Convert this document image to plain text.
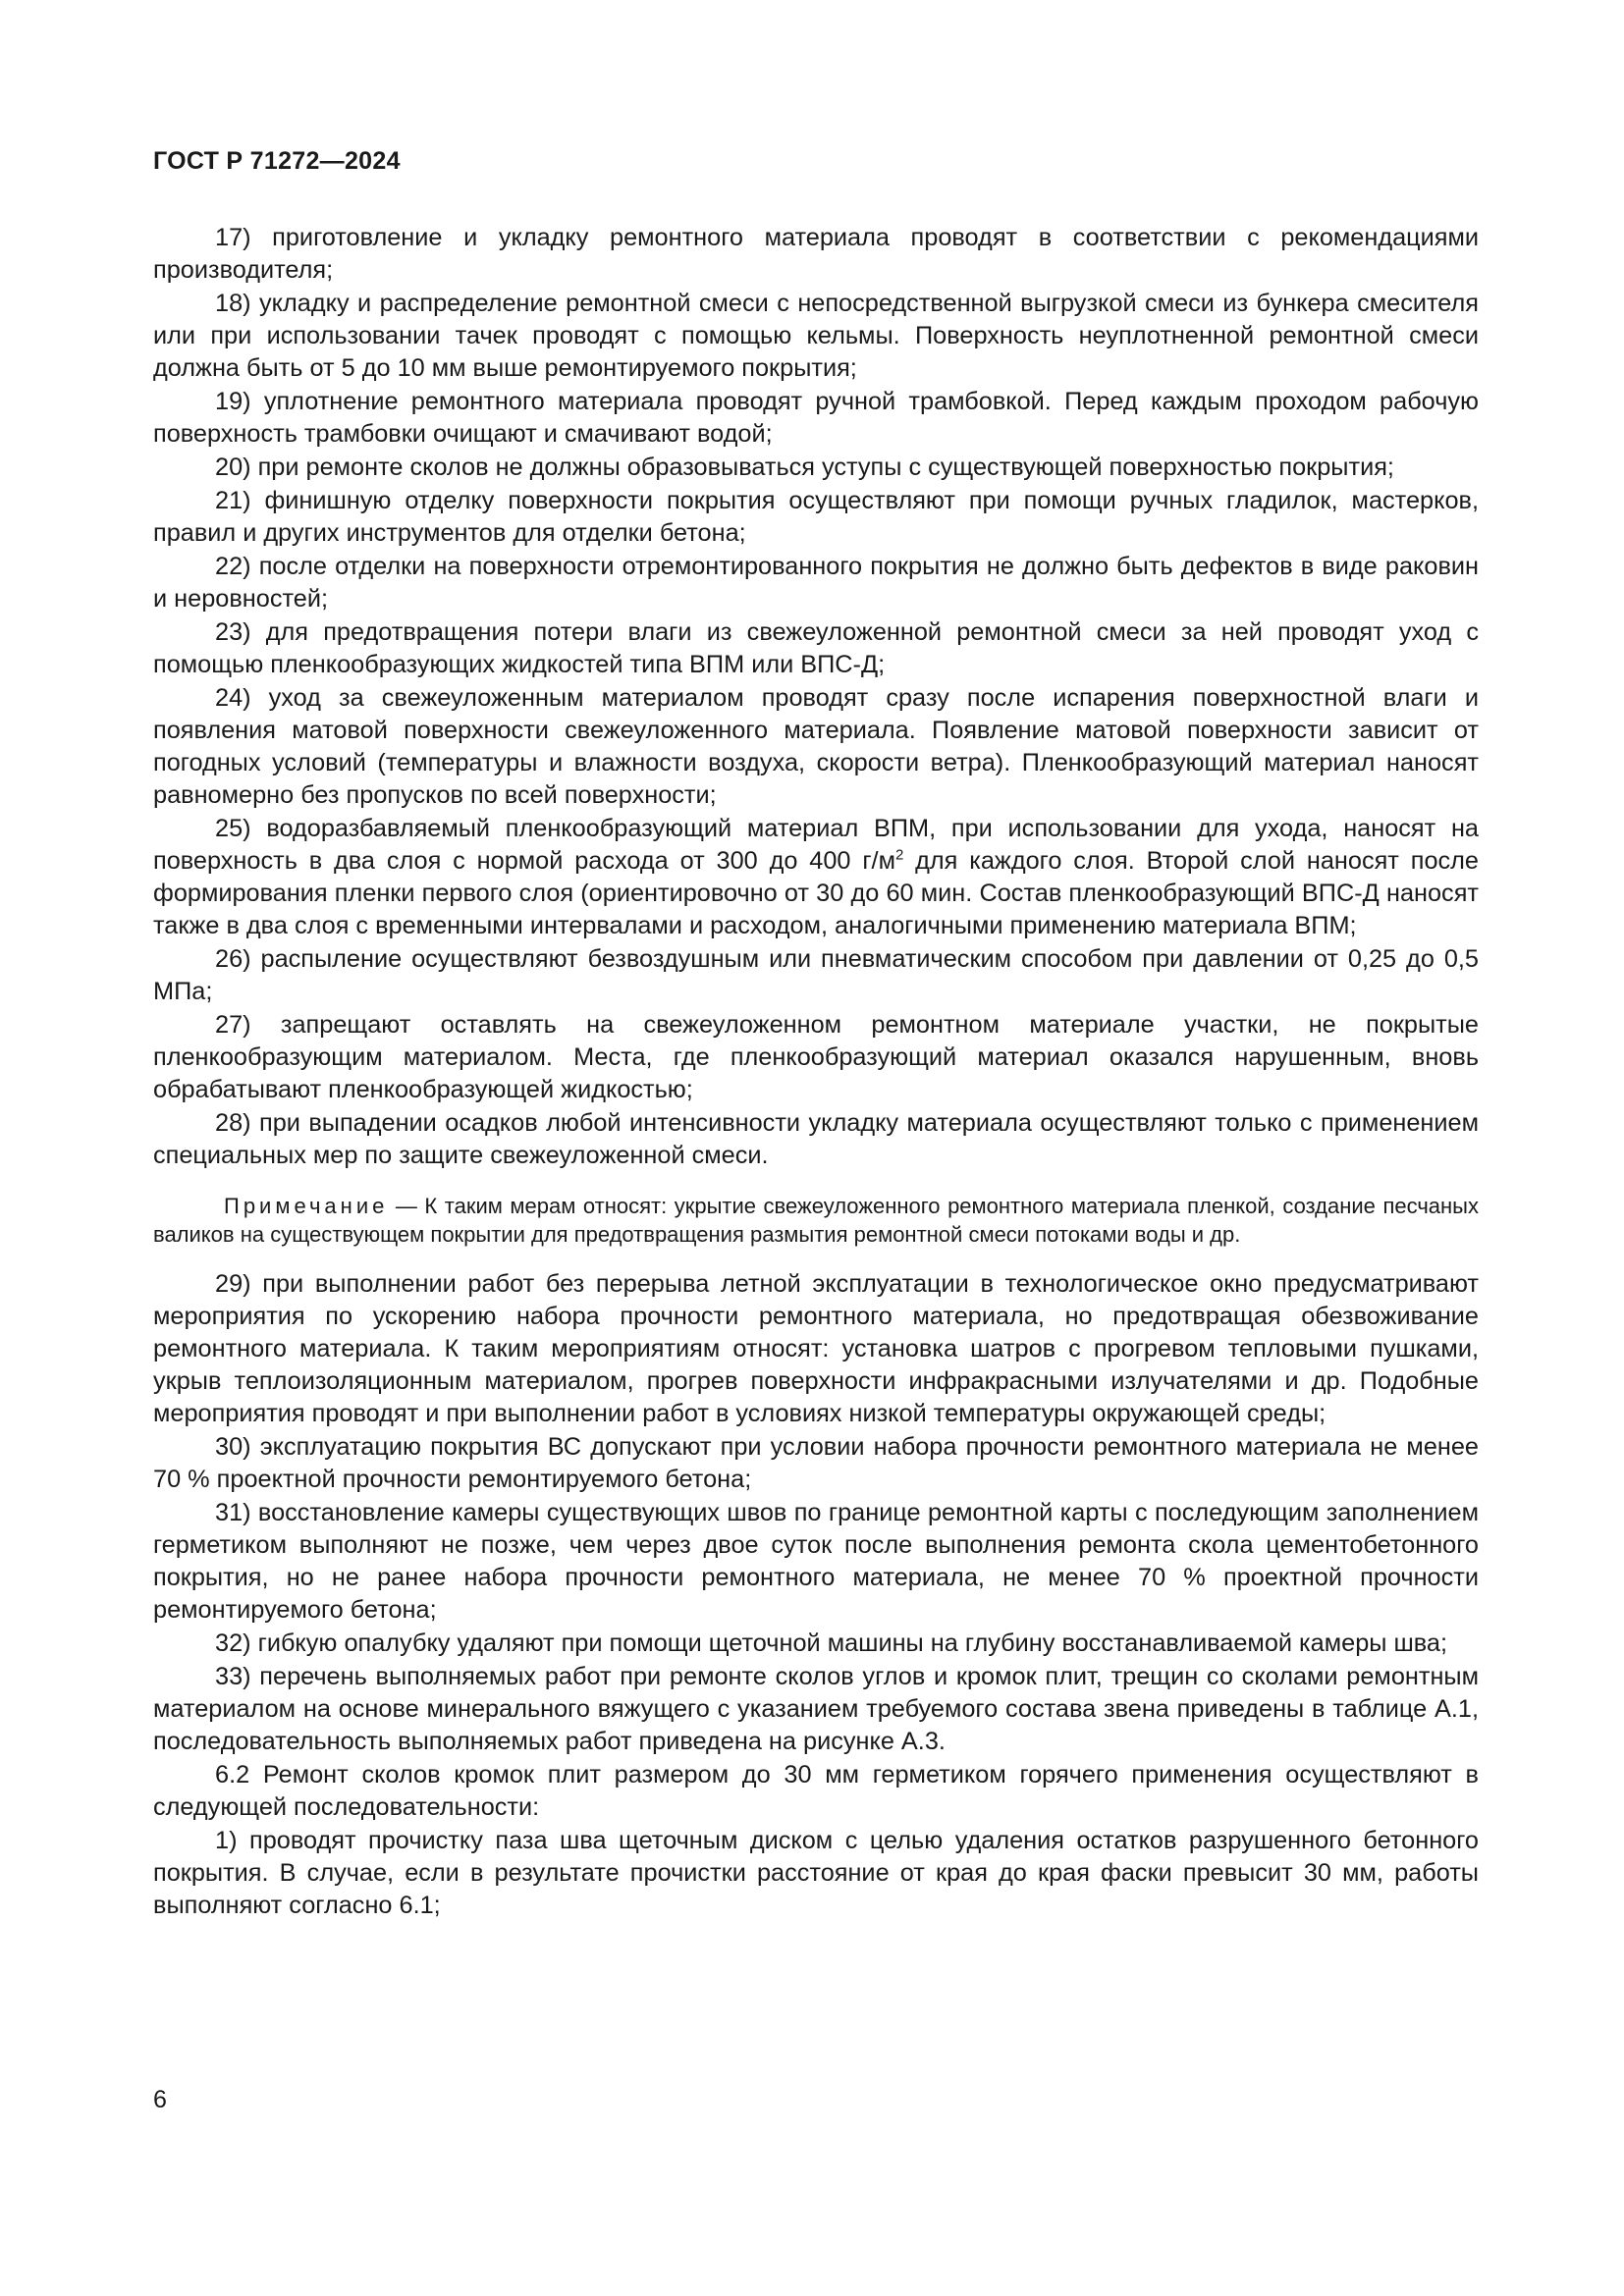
ГОСТ Р 71272—2024

17) приготовление и укладку ремонтного материала проводят в соответствии с рекомендациями производителя;

18) укладку и распределение ремонтной смеси с непосредственной выгрузкой смеси из бункера смесителя или при использовании тачек проводят с помощью кельмы. Поверхность неуплотненной ремонтной смеси должна быть от 5 до 10 мм выше ремонтируемого покрытия;

19) уплотнение ремонтного материала проводят ручной трамбовкой. Перед каждым проходом рабочую поверхность трамбовки очищают и смачивают водой;

20) при ремонте сколов не должны образовываться уступы с существующей поверхностью покрытия;

21) финишную отделку поверхности покрытия осуществляют при помощи ручных гладилок, мастерков, правил и других инструментов для отделки бетона;

22) после отделки на поверхности отремонтированного покрытия не должно быть дефектов в виде раковин и неровностей;

23) для предотвращения потери влаги из свежеуложенной ремонтной смеси за ней проводят уход с помощью пленкообразующих жидкостей типа ВПМ или ВПС-Д;

24) уход за свежеуложенным материалом проводят сразу после испарения поверхностной влаги и появления матовой поверхности свежеуложенного материала. Появление матовой поверхности зависит от погодных условий (температуры и влажности воздуха, скорости ветра). Пленкообразующий материал наносят равномерно без пропусков по всей поверхности;

25) водоразбавляемый пленкообразующий материал ВПМ, при использовании для ухода, наносят на поверхность в два слоя с нормой расхода от 300 до 400 $г/м^2$ для каждого слоя. Второй слой наносят после формирования пленки первого слоя (ориентировочно от 30 до 60 мин. Состав пленкообразующий ВПС-Д наносят также в два слоя с временными интервалами и расходом, аналогичными применению материала ВПМ;

26) распыление осуществляют безвоздушным или пневматическим способом при давлении от 0,25 до 0,5 МПа;

27) запрещают оставлять на свежеуложенном ремонтном материале участки, не покрытые пленкообразующим материалом. Места, где пленкообразующий материал оказался нарушенным, вновь обрабатывают пленкообразующей жидкостью;

28) при выпадении осадков любой интенсивности укладку материала осуществляют только с применением специальных мер по защите свежеуложенной смеси.

Примечание — К таким мерам относят: укрытие свежеуложенного ремонтного материала пленкой, создание песчаных валиков на существующем покрытии для предотвращения размытия ремонтной смеси потоками воды и др.

29) при выполнении работ без перерыва летной эксплуатации в технологическое окно предусматривают мероприятия по ускорению набора прочности ремонтного материала, но предотвращая обезвоживание ремонтного материала. К таким мероприятиям относят: установка шатров с прогревом тепловыми пушками, укрыв теплоизоляционным материалом, прогрев поверхности инфракрасными излучателями и др. Подобные мероприятия проводят и при выполнении работ в условиях низкой температуры окружающей среды;

30) эксплуатацию покрытия ВС допускают при условии набора прочности ремонтного материала не менее 70 % проектной прочности ремонтируемого бетона;

31) восстановление камеры существующих швов по границе ремонтной карты с последующим заполнением герметиком выполняют не позже, чем через двое суток после выполнения ремонта скола цементобетонного покрытия, но не ранее набора прочности ремонтного материала, не менее 70 % проектной прочности ремонтируемого бетона;

32) гибкую опалубку удаляют при помощи щеточной машины на глубину восстанавливаемой камеры шва;

33) перечень выполняемых работ при ремонте сколов углов и кромок плит, трещин со сколами ремонтным материалом на основе минерального вяжущего с указанием требуемого состава звена приведены в таблице А.1, последовательность выполняемых работ приведена на рисунке А.3.

6.2 Ремонт сколов кромок плит размером до 30 мм герметиком горячего применения осуществляют в следующей последовательности:

1) проводят прочистку паза шва щеточным диском с целью удаления остатков разрушенного бетонного покрытия. В случае, если в результате прочистки расстояние от края до края фаски превысит 30 мм, работы выполняют согласно 6.1;

6
